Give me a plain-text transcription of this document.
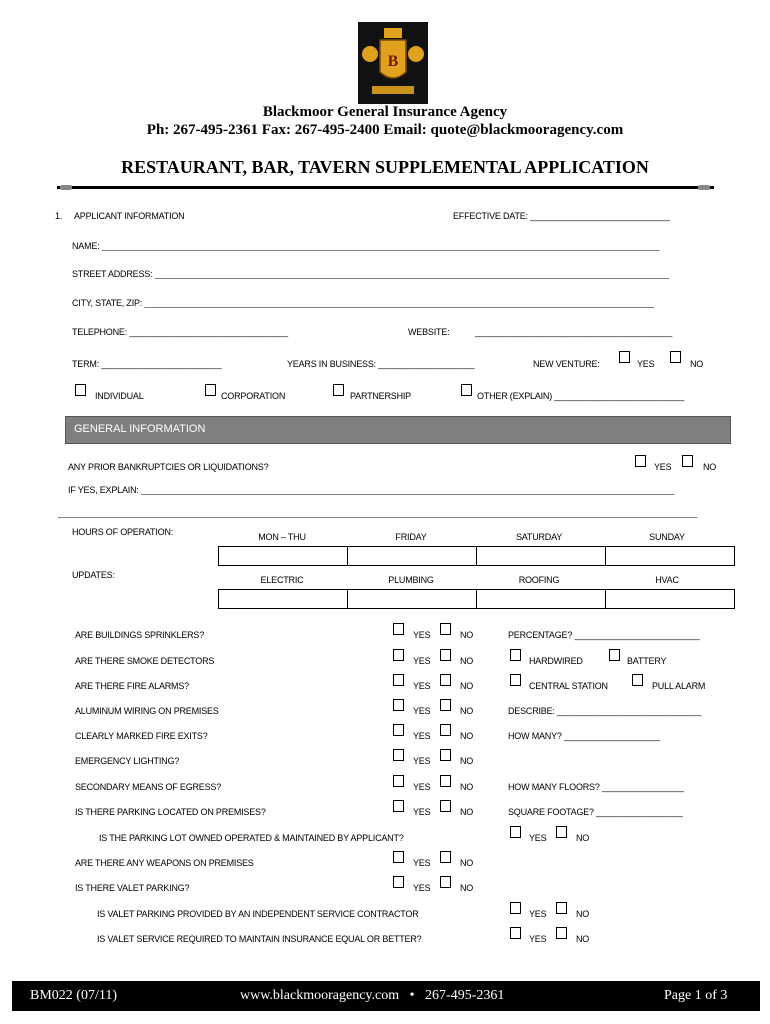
B
Blackmoor General Insurance Agency
Ph: 267-495-2361 Fax: 267-495-2400 Email: quote@blackmooragency.com
RESTAURANT, BAR, TAVERN SUPPLEMENTAL APPLICATION
1. APPLICANT INFORMATION	EFFECTIVE DATE: _____________________________
NAME: ____________________________________________________________________________________________________________________
STREET ADDRESS: ___________________________________________________________________________________________________________
CITY, STATE, ZIP: __________________________________________________________________________________________________________
TELEPHONE: _________________________________	WEBSITE:	_________________________________________
TERM: _________________________	YEARS IN BUSINESS: ____________________	NEW VENTURE:	YES	NO
INDIVIDUAL	CORPORATION	PARTNERSHIP	OTHER (EXPLAIN) ___________________________
GENERAL INFORMATION
ANY PRIOR BANKRUPTCIES OR LIQUIDATIONS?	YES	NO
IF YES, EXPLAIN: _______________________________________________________________________________________________________________
_____________________________________________________________________________________________________________________________________
HOURS OF OPERATION:	MON – THU	FRIDAY	SATURDAY	SUNDAY

UPDATES:	ELECTRIC	PLUMBING	ROOFING	HVAC

ARE BUILDINGS SPRINKLERS?	YES	NO	PERCENTAGE? __________________________
ARE THERE SMOKE DETECTORS	YES	NO	HARDWIRED	BATTERY
ARE THERE FIRE ALARMS?	YES	NO	CENTRAL STATION	PULL ALARM
ALUMINUM WIRING ON PREMISES	YES	NO	DESCRIBE: ______________________________
CLEARLY MARKED FIRE EXITS?	YES	NO	HOW MANY? ____________________
EMERGENCY LIGHTING?	YES	NO
SECONDARY MEANS OF EGRESS?	YES	NO	HOW MANY FLOORS? _________________
IS THERE PARKING LOCATED ON PREMISES?	YES	NO	SQUARE FOOTAGE? __________________
IS THE PARKING LOT OWNED OPERATED & MAINTAINED BY APPLICANT?	YES	NO
ARE THERE ANY WEAPONS ON PREMISES	YES	NO
IS THERE VALET PARKING?	YES	NO
IS VALET PARKING PROVIDED BY AN INDEPENDENT SERVICE CONTRACTOR	YES	NO
IS VALET SERVICE REQUIRED TO MAINTAIN INSURANCE EQUAL OR BETTER?	YES	NO
BM022 (07/11)	www.blackmooragency.com   •   267-495-2361	Page 1 of 3
